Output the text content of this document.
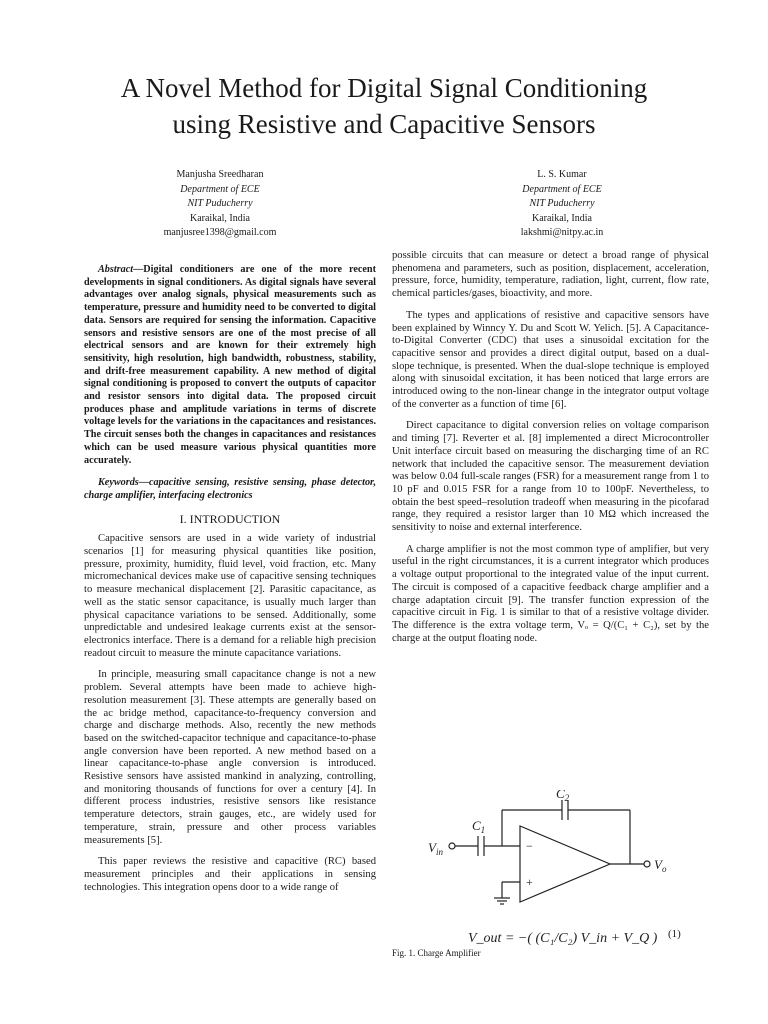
A Novel Method for Digital Signal Conditioning
using Resistive and Capacitive Sensors
Manjusha Sreedharan
Department of ECE
NIT Puducherry
Karaikal, India
manjusree1398@gmail.com
L. S. Kumar
Department of ECE
NIT Puducherry
Karaikal, India
lakshmi@nitpy.ac.in

Abstract—Digital conditioners are one of the more recent developments in signal conditioners. As digital signals have several advantages over analog signals, physical measurements such as temperature, pressure and humidity need to be converted to digital data. Sensors are required for sensing the information. Capacitive sensors and resistive sensors are one of the most precise of all electrical sensors and are known for their extremely high sensitivity, high resolution, high bandwidth, robustness, stability, and drift-free measurement capability. A new method of digital signal conditioning is proposed to convert the outputs of capacitor and resistor sensors into digital data. The proposed circuit produces phase and amplitude variations in terms of discrete voltage levels for the variations in the capacitances and resistances. The circuit senses both the changes in capacitances and resistances which can be used measure various physical quantities more accurately.

Keywords—capacitive sensing, resistive sensing, phase detector, charge amplifier, interfacing electronics

I. INTRODUCTION

Capacitive sensors are used in a wide variety of industrial scenarios [1] for measuring physical quantities like position, pressure, proximity, humidity, fluid level, void fraction, etc. Many micromechanical devices make use of capacitive sensing techniques to measure mechanical displacement [2]. Parasitic capacitance, as well as the static sensor capacitance, is usually much larger than physical capacitance variations to be sensed. Additionally, some unpredictable and undesired leakage currents exist at the sensor-electronics interface. There is a demand for a reliable high precision readout circuit to measure the minute capacitance variations.

In principle, measuring small capacitance change is not a new problem. Several attempts have been made to achieve high-resolution measurement [3]. These attempts are generally based on the ac bridge method, capacitance-to-frequency conversion and charge and discharge methods. Also, recently the new methods based on the switched-capacitor technique and capacitance-to-phase angle conversion have been reported. A new method based on a linear capacitance-to-phase angle conversion is introduced. Resistive sensors have assisted mankind in analyzing, controlling, and monitoring thousands of functions for over a century [4]. In different process industries, resistive sensors like resistance temperature detectors, strain gauges, etc., are widely used for temperature, strain, pressure and other process variables measurements [5].

This paper reviews the resistive and capacitive (RC) based measurement principles and their applications in sensing technologies. This integration opens door to a wide range of

possible circuits that can measure or detect a broad range of physical phenomena and parameters, such as position, displacement, acceleration, pressure, force, humidity, temperature, radiation, light, current, flow rate, chemical particles/gases, bioactivity, and more.

The types and applications of resistive and capacitive sensors have been explained by Winncy Y. Du and Scott W. Yelich. [5]. A Capacitance-to-Digital Converter (CDC) that uses a sinusoidal excitation for the capacitive sensor and provides a direct digital output, based on a dual-slope technique, is presented. When the dual-slope technique is employed along with sinusoidal excitation, it has been noticed that large errors are introduced owing to the non-linear change in the integrator output voltage of the converter as a function of time [6].

Direct capacitance to digital conversion relies on voltage comparison and timing [7]. Reverter et al. [8] implemented a direct Microcontroller Unit interface circuit based on measuring the discharging time of an RC network that included the capacitive sensor. The measurement deviation was below 0.04 full-scale ranges (FSR) for a measurement range from 1 to 10 pF and 0.015 FSR for a range from 10 to 100pF. Nevertheless, to obtain the best speed–resolution tradeoff when measuring in the picofarad range, they required a resistor larger than 10 MΩ which increased the sensitivity to noise and external interference.

A charge amplifier is not the most common type of amplifier, but very useful in the right circumstances, it is a current integrator which produces a voltage output proportional to the integrated value of the input current. The circuit is composed of a capacitive feedback charge amplifier and a charge adaptation circuit [9]. The transfer function expression of the capacitive circuit in Fig. 1 is similar to that of a resistive voltage divider. The difference is the extra voltage term, Vₒ = Q/(C₁ + C₂), set by the charge at the output floating node.

$V_{in}$
$C_1$
$C_2$
$V_o$
−
+
V_out = −( (C₁/C₂) V_in + V_Q ) (1)
Fig. 1. Charge Amplifier
